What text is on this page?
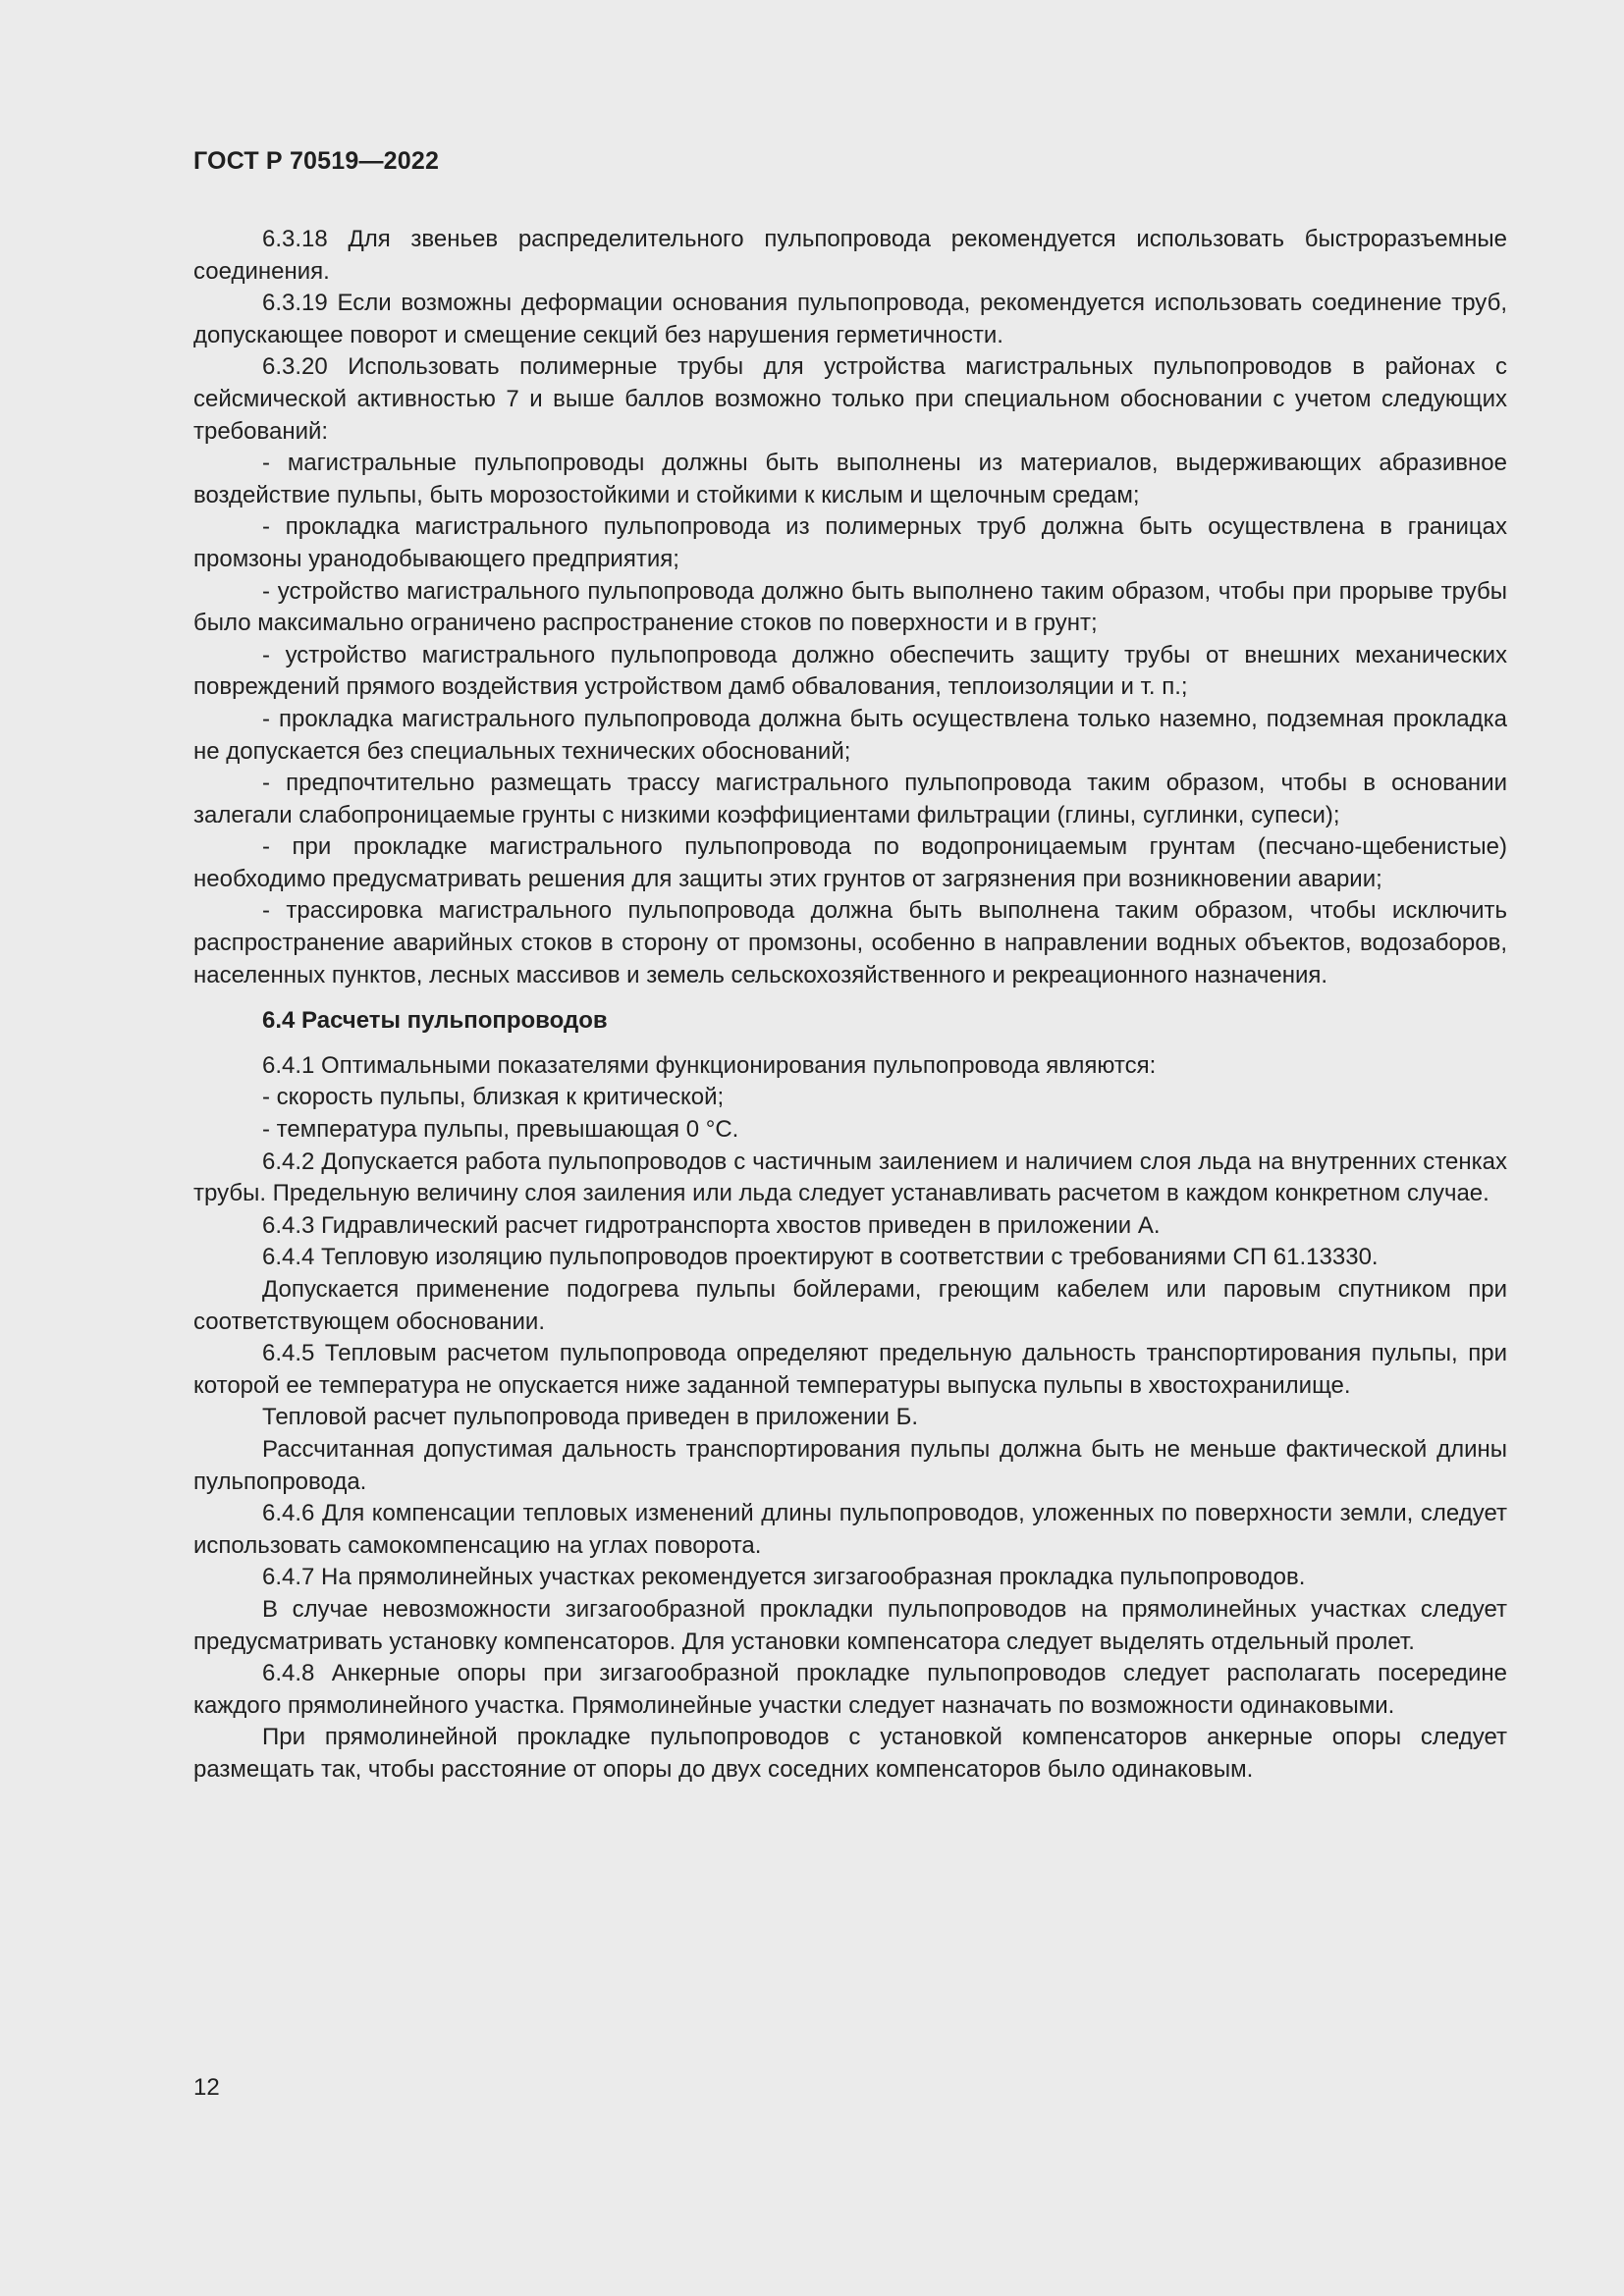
ГОСТ Р 70519—2022

6.3.18 Для звеньев распределительного пульпопровода рекомендуется использовать быстроразъемные соединения.

6.3.19 Если возможны деформации основания пульпопровода, рекомендуется использовать соединение труб, допускающее поворот и смещение секций без нарушения герметичности.

6.3.20 Использовать полимерные трубы для устройства магистральных пульпопроводов в районах с сейсмической активностью 7 и выше баллов возможно только при специальном обосновании с учетом следующих требований:

- магистральные пульпопроводы должны быть выполнены из материалов, выдерживающих абразивное воздействие пульпы, быть морозостойкими и стойкими к кислым и щелочным средам;

- прокладка магистрального пульпопровода из полимерных труб должна быть осуществлена в границах промзоны уранодобывающего предприятия;

- устройство магистрального пульпопровода должно быть выполнено таким образом, чтобы при прорыве трубы было максимально ограничено распространение стоков по поверхности и в грунт;

- устройство магистрального пульпопровода должно обеспечить защиту трубы от внешних механических повреждений прямого воздействия устройством дамб обвалования, теплоизоляции и т. п.;

- прокладка магистрального пульпопровода должна быть осуществлена только наземно, подземная прокладка не допускается без специальных технических обоснований;

- предпочтительно размещать трассу магистрального пульпопровода таким образом, чтобы в основании залегали слабопроницаемые грунты с низкими коэффициентами фильтрации (глины, суглинки, супеси);

- при прокладке магистрального пульпопровода по водопроницаемым грунтам (песчано-щебенистые) необходимо предусматривать решения для защиты этих грунтов от загрязнения при возникновении аварии;

- трассировка магистрального пульпопровода должна быть выполнена таким образом, чтобы исключить распространение аварийных стоков в сторону от промзоны, особенно в направлении водных объектов, водозаборов, населенных пунктов, лесных массивов и земель сельскохозяйственного и рекреационного назначения.

6.4 Расчеты пульпопроводов

6.4.1 Оптимальными показателями функционирования пульпопровода являются:

- скорость пульпы, близкая к критической;

- температура пульпы, превышающая 0 °С.

6.4.2 Допускается работа пульпопроводов с частичным заилением и наличием слоя льда на внутренних стенках трубы. Предельную величину слоя заиления или льда следует устанавливать расчетом в каждом конкретном случае.

6.4.3 Гидравлический расчет гидротранспорта хвостов приведен в приложении А.

6.4.4 Тепловую изоляцию пульпопроводов проектируют в соответствии с требованиями СП 61.13330.

Допускается применение подогрева пульпы бойлерами, греющим кабелем или паровым спутником при соответствующем обосновании.

6.4.5 Тепловым расчетом пульпопровода определяют предельную дальность транспортирования пульпы, при которой ее температура не опускается ниже заданной температуры выпуска пульпы в хвостохранилище.

Тепловой расчет пульпопровода приведен в приложении Б.

Рассчитанная допустимая дальность транспортирования пульпы должна быть не меньше фактической длины пульпопровода.

6.4.6 Для компенсации тепловых изменений длины пульпопроводов, уложенных по поверхности земли, следует использовать самокомпенсацию на углах поворота.

6.4.7 На прямолинейных участках рекомендуется зигзагообразная прокладка пульпопроводов.

В случае невозможности зигзагообразной прокладки пульпопроводов на прямолинейных участках следует предусматривать установку компенсаторов. Для установки компенсатора следует выделять отдельный пролет.

6.4.8 Анкерные опоры при зигзагообразной прокладке пульпопроводов следует располагать посередине каждого прямолинейного участка. Прямолинейные участки следует назначать по возможности одинаковыми.

При прямолинейной прокладке пульпопроводов с установкой компенсаторов анкерные опоры следует размещать так, чтобы расстояние от опоры до двух соседних компенсаторов было одинаковым.

12
